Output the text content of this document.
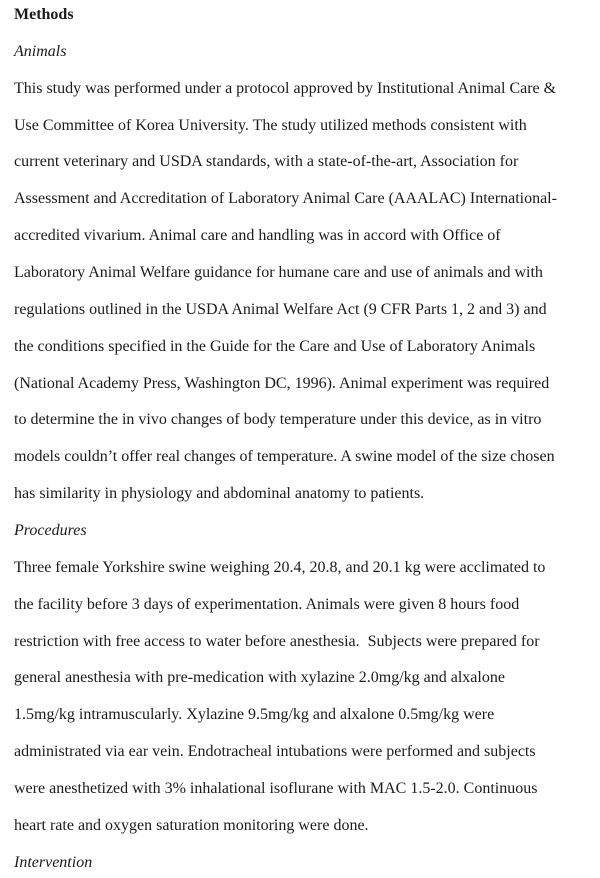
Methods
Animals
This study was performed under a protocol approved by Institutional Animal Care &
Use Committee of Korea University. The study utilized methods consistent with
current veterinary and USDA standards, with a state-of-the-art, Association for
Assessment and Accreditation of Laboratory Animal Care (AAALAC) International-
accredited vivarium. Animal care and handling was in accord with Office of
Laboratory Animal Welfare guidance for humane care and use of animals and with
regulations outlined in the USDA Animal Welfare Act (9 CFR Parts 1, 2 and 3) and
the conditions specified in the Guide for the Care and Use of Laboratory Animals
(National Academy Press, Washington DC, 1996). Animal experiment was required
to determine the in vivo changes of body temperature under this device, as in vitro
models couldn’t offer real changes of temperature. A swine model of the size chosen
has similarity in physiology and abdominal anatomy to patients.
Procedures
Three female Yorkshire swine weighing 20.4, 20.8, and 20.1 kg were acclimated to
the facility before 3 days of experimentation. Animals were given 8 hours food
restriction with free access to water before anesthesia.  Subjects were prepared for
general anesthesia with pre-medication with xylazine 2.0mg/kg and alxalone
1.5mg/kg intramuscularly. Xylazine 9.5mg/kg and alxalone 0.5mg/kg were
administrated via ear vein. Endotracheal intubations were performed and subjects
were anesthetized with 3% inhalational isoflurane with MAC 1.5-2.0. Continuous
heart rate and oxygen saturation monitoring were done.
Intervention
